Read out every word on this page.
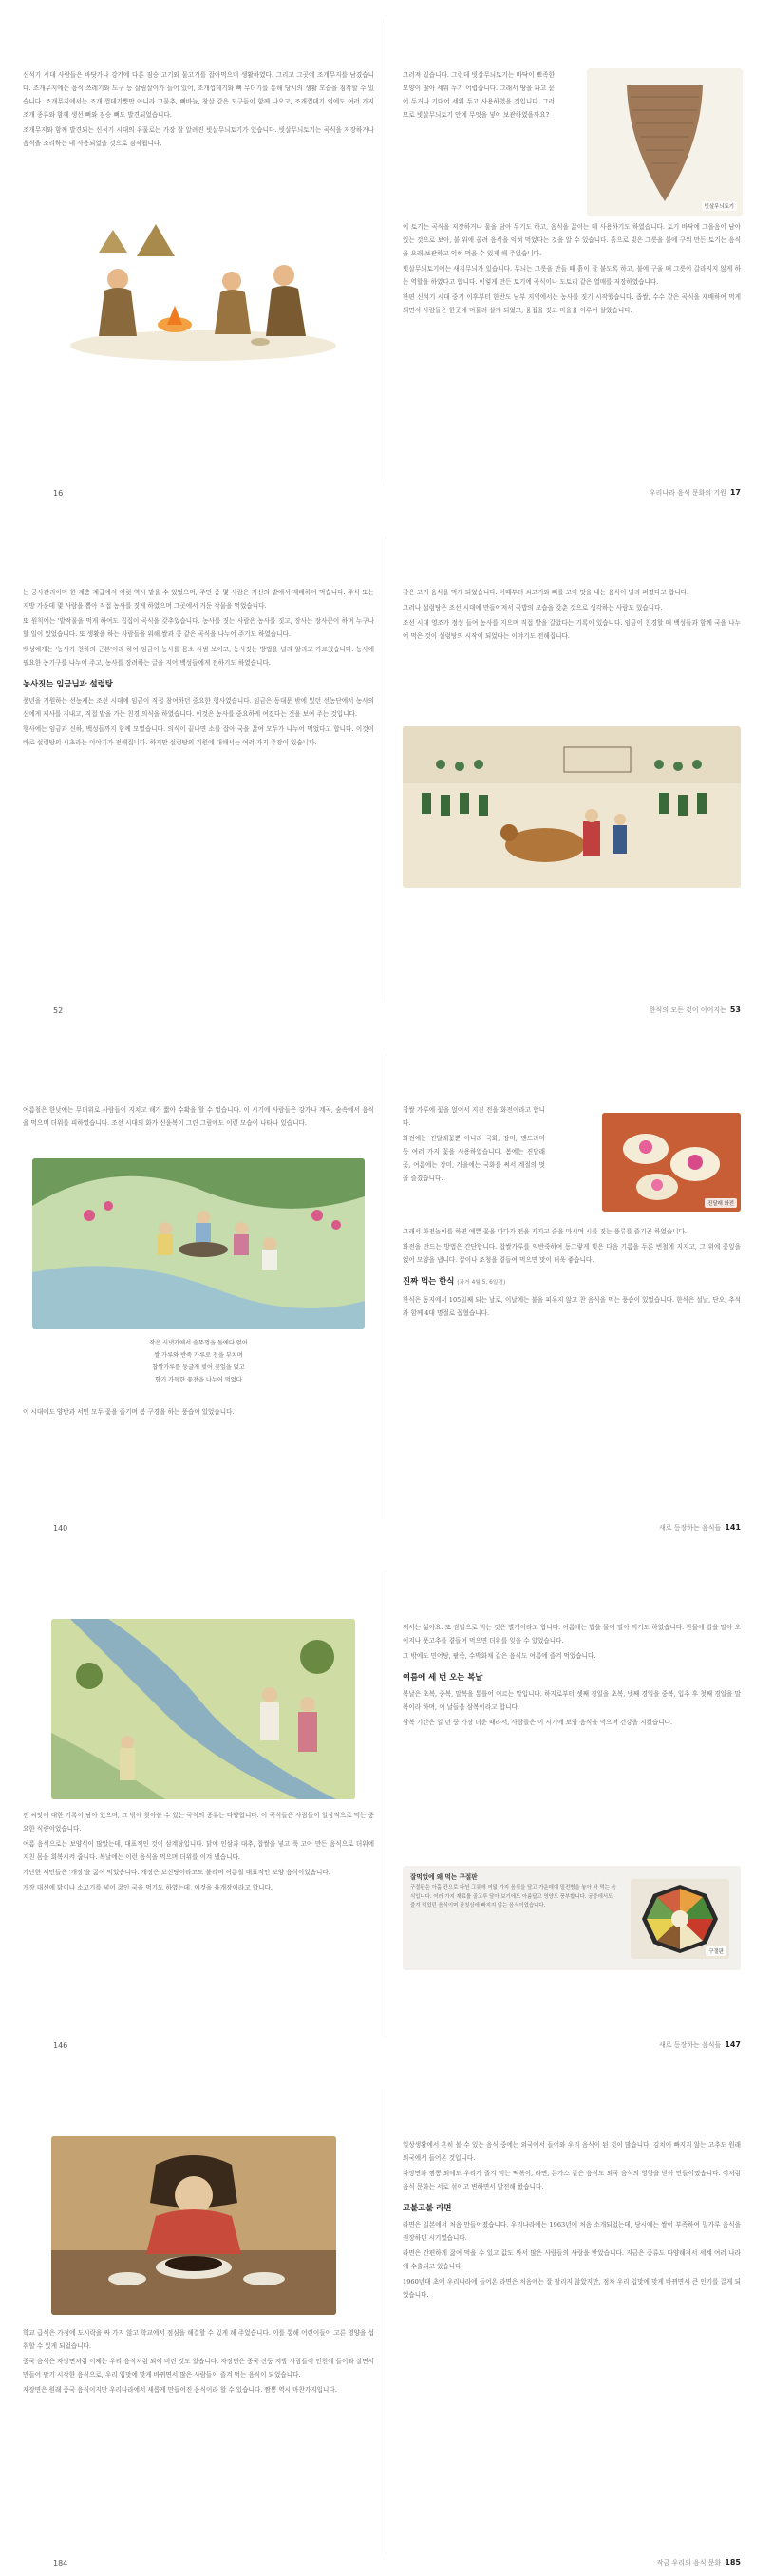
신석기 시대 사람들은 바닷가나 강가에 다른 짐승 고기와 물고기를 잡아먹으며 생활하였다. 그리고 그곳에 조개무지를 남겼습니다. 조개무지에는 음식 쓰레기와 도구 등 살림살이가 들어 있어, 조개껍데기와 뼈 무더기를 통해 당시의 생활 모습을 짐작할 수 있습니다. 조개무지에서는 조개 껍데기뿐만 아니라 그물추, 뼈바늘, 창살 같은 도구들이 함께 나오고, 조개껍데기 외에도 여러 가지 조개 종류와 함께 생선 뼈와 짐승 뼈도 발견되었습니다.

조개무지와 함께 발견되는 신석기 시대의 유물로는 가장 잘 알려진 빗살무늬토기가 있습니다. 빗살무늬토기는 곡식을 저장하거나 음식을 조리하는 데 사용되었을 것으로 짐작됩니다.

16

그러져 있습니다. 그런데 빗살무늬토기는 바닥이 뾰족한 모양이 많아 세워 두기 어렵습니다. 그래서 땅을 파고 묻어 두거나 기대어 세워 두고 사용하였을 것입니다. 그러므로 빗살무늬토기 안에 무엇을 넣어 보관하였을까요?

빗살무늬토기

이 토기는 곡식을 저장하거나 물을 담아 두기도 하고, 음식을 끓이는 데 사용하기도 하였습니다. 토기 바닥에 그을음이 남아 있는 것으로 보아, 불 위에 올려 음식을 익혀 먹었다는 것을 알 수 있습니다. 흙으로 빚은 그릇을 불에 구워 만든 토기는 음식을 오래 보관하고 익혀 먹을 수 있게 해 주었습니다.

빗살무늬토기에는 새김무늬가 있습니다. 무늬는 그릇을 만들 때 흙이 잘 붙도록 하고, 불에 구울 때 그릇이 갈라지지 않게 하는 역할을 하였다고 합니다. 이렇게 만든 토기에 곡식이나 도토리 같은 열매를 저장하였습니다.

한편 신석기 시대 중기 이후부터 한반도 남부 지역에서는 농사를 짓기 시작했습니다. 좁쌀, 수수 같은 곡식을 재배하여 먹게 되면서 사람들은 한곳에 머물러 살게 되었고, 움집을 짓고 마을을 이루어 살았습니다.

우리나라 음식 문화의 기원 17

는 궁사관리이며 한 계층 계급에서 여럿 역시 맡을 수 있었으며, 주민 중 몇 사람은 자신의 밭에서 재배하여 먹습니다. 주식 또는 지방 가운데 몇 사람을 뽑아 직접 농사를 짓게 하였으며 그곳에서 거둔 작물을 먹었습니다.

또 원칙에는 '밭작물을 먹게 하여도 집집이 곡식을 갖추었습니다. 농사를 짓는 사람은 농사를 짓고, 장사는 장사꾼이 하며 누구나 할 일이 있었습니다. 또 생활을 하는 사람들을 위해 쌀과 콩 같은 곡식을 나누어 주기도 하였습니다.

백성에게는 '농사가 천하의 근본'이라 하여 임금이 농사를 몸소 시범 보이고, 농사짓는 방법을 널리 알리고 가르쳤습니다. 농사에 필요한 농기구를 나누어 주고, 농사를 장려하는 글을 지어 백성들에게 전하기도 하였습니다.

농사짓는 임금님과 설렁탕

풍년을 기원하는 선농제는 조선 시대에 임금이 직접 참여하던 중요한 행사였습니다. 임금은 동대문 밖에 있던 선농단에서 농사의 신에게 제사를 지내고, 직접 밭을 가는 친경 의식을 하였습니다. 이것은 농사를 중요하게 여겼다는 것을 보여 주는 것입니다.

행사에는 임금과 신하, 백성들까지 함께 모였습니다. 의식이 끝나면 소를 잡아 국을 끓여 모두가 나누어 먹었다고 합니다. 이것이 바로 설렁탕의 시초라는 이야기가 전해집니다. 하지만 설렁탕의 기원에 대해서는 여러 가지 주장이 있습니다.

52

같은 고기 음식을 먹게 되었습니다. 이때부터 쇠고기와 뼈를 고아 맛을 내는 음식이 널리 퍼졌다고 합니다.

그러나 설렁탕은 조선 시대에 만들어져서 국밥의 모습을 갖춘 것으로 생각하는 사람도 있습니다.

조선 시대 영조가 정성 들여 농사를 지으며 직접 밭을 갈았다는 기록이 있습니다. 임금이 친경할 때 백성들과 함께 국을 나누어 먹은 것이 설렁탕의 시작이 되었다는 이야기도 전해집니다.

한식의 모든 것이 이어지는 53

여름철은 한낮에는 무더위로 사람들이 지치고 해가 짧아 수확을 할 수 없습니다. 이 시기에 사람들은 강가나 계곡, 숲속에서 음식을 먹으며 더위를 피하였습니다. 조선 시대의 화가 신윤복이 그린 그림에도 이런 모습이 나타나 있습니다.

작은 시냇가에서 솥뚜껑을 돌에다 얹어
쌀 가루와 반죽 가루로 전을 부치며
찹쌀가루를 둥글게 빚어 꽃잎을 얹고
향기 가득한 꽃전을 나누어 먹었다

이 시대에도 양반과 서민 모두 꽃을 즐기며 봄 구경을 하는 풍습이 있었습니다.

140

찹쌀 가루에 꽃을 얹어서 지진 전을 화전이라고 합니다.

화전에는 진달래꽃뿐 아니라 국화, 장미, 맨드라미 등 여러 가지 꽃을 사용하였습니다. 봄에는 진달래꽃, 여름에는 장미, 가을에는 국화를 써서 계절의 멋을 즐겼습니다.

진달래 화전

그래서 화전놀이를 하면 예쁜 꽃을 따다가 전을 지지고 술을 마시며 시를 짓는 풍류를 즐기곤 하였습니다.

화전을 만드는 방법은 간단합니다. 찹쌀가루를 익반죽하여 동그랗게 빚은 다음 기름을 두른 번철에 지지고, 그 위에 꽃잎을 얹어 모양을 냅니다. 꿀이나 조청을 곁들여 먹으면 맛이 더욱 좋습니다.

진짜 먹는 한식 (과거 4월 5, 6일경)

한식은 동지에서 105일째 되는 날로, 이날에는 불을 피우지 않고 찬 음식을 먹는 풍습이 있었습니다. 한식은 설날, 단오, 추석과 함께 4대 명절로 꼽혔습니다.

새로 등장하는 음식들 141

전 씨앗에 대한 기록이 남아 있으며, 그 밖에 찾아볼 수 있는 곡식의 종류는 다양합니다. 이 곡식들은 사람들이 일상적으로 먹는 중요한 식량이었습니다.

여름 음식으로는 보양식이 많았는데, 대표적인 것이 삼계탕입니다. 닭에 인삼과 대추, 찹쌀을 넣고 푹 고아 만든 음식으로 더위에 지친 몸을 회복시켜 줍니다. 복날에는 이런 음식을 먹으며 더위를 이겨 냈습니다.

가난한 서민들은 '개장'을 끓여 먹었습니다. 개장은 보신탕이라고도 불리며 여름철 대표적인 보양 음식이었습니다.

개장 대신에 닭이나 소고기를 넣어 끓인 국을 먹기도 하였는데, 이것을 육개장이라고 합니다.

146

쪄서는 삶아요. 또 쌈밥으로 먹는 것은 별개이라고 합니다. 여름에는 밥을 물에 말아 먹기도 하였습니다. 찬물에 밥을 말아 오이지나 풋고추를 곁들여 먹으면 더위를 잊을 수 있었습니다.

그 밖에도 민어탕, 팥죽, 수박화채 같은 음식도 여름에 즐겨 먹었습니다.

여름에 세 번 오는 복날

복날은 초복, 중복, 말복을 통틀어 이르는 말입니다. 하지로부터 셋째 경일을 초복, 넷째 경일을 중복, 입추 후 첫째 경일을 말복이라 하며, 이 날들을 삼복이라고 합니다.

삼복 기간은 일 년 중 가장 더운 때라서, 사람들은 이 시기에 보양 음식을 먹으며 건강을 지켰습니다.

잘먹었에 왜 먹는 구절판
구절판은 아홉 칸으로 나뉜 그릇에 여덟 가지 음식을 담고 가운데에 밀전병을 놓아 싸 먹는 음식입니다. 여러 가지 재료를 골고루 담아 보기에도 아름답고 영양도 풍부합니다. 궁중에서도 즐겨 먹었던 음식이며 잔칫상에 빠지지 않는 음식이었습니다.
구절판
새로 등장하는 음식들 147

학교 급식은 가정에 도시락을 싸 가지 않고 학교에서 점심을 해결할 수 있게 해 주었습니다. 이를 통해 어린이들이 고른 영양을 섭취할 수 있게 되었습니다.

중국 음식은 자장면처럼 이제는 우리 음식처럼 되어 버린 것도 있습니다. 자장면은 중국 산둥 지방 사람들이 인천에 들어와 살면서 만들어 팔기 시작한 음식으로, 우리 입맛에 맞게 바뀌면서 많은 사람들이 즐겨 먹는 음식이 되었습니다.

자장면은 원래 중국 음식이지만 우리나라에서 새롭게 만들어진 음식이라 할 수 있습니다. 짬뽕 역시 마찬가지입니다.

184

일상생활에서 흔히 볼 수 있는 음식 중에는 외국에서 들어와 우리 음식이 된 것이 많습니다. 김치에 빠지지 않는 고추도 원래 외국에서 들어온 것입니다.

자장면과 짬뽕 외에도 우리가 즐겨 먹는 떡볶이, 라면, 돈가스 같은 음식도 외국 음식의 영향을 받아 만들어졌습니다. 이처럼 음식 문화는 서로 섞이고 변하면서 발전해 왔습니다.

고불고불 라면

라면은 일본에서 처음 만들어졌습니다. 우리나라에는 1963년에 처음 소개되었는데, 당시에는 쌀이 부족하여 밀가루 음식을 권장하던 시기였습니다.

라면은 간편하게 끓여 먹을 수 있고 값도 싸서 많은 사람들의 사랑을 받았습니다. 지금은 종류도 다양해져서 세계 여러 나라에 수출되고 있습니다.

1960년대 초에 우리나라에 들어온 라면은 처음에는 잘 팔리지 않았지만, 점차 우리 입맛에 맞게 바뀌면서 큰 인기를 끌게 되었습니다.

작금 우리의 음식 문화 185
